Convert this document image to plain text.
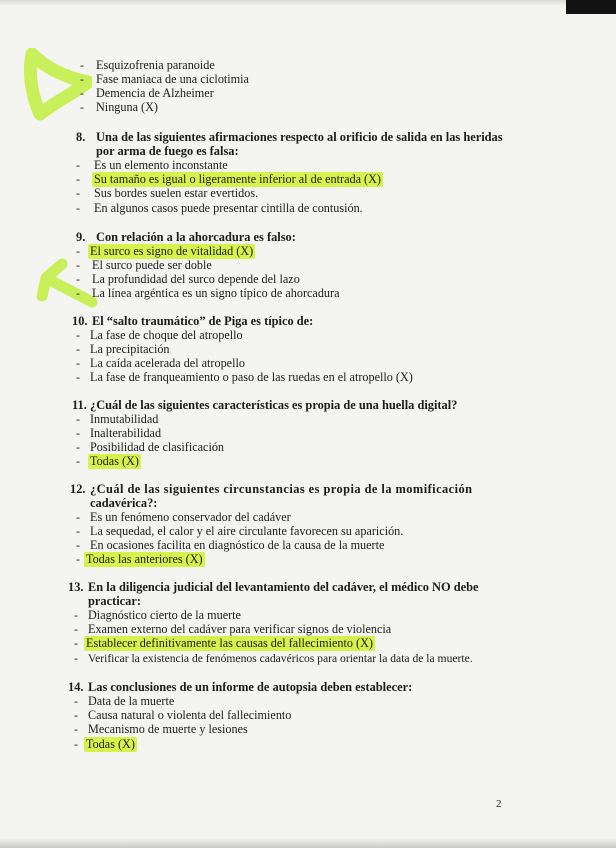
- Esquizofrenia paranoide
- Fase maniaca de una ciclotimia
- Demencia de Alzheimer
- Ninguna (X)
8. Una de las siguientes afirmaciones respecto al orificio de salida en las heridas
por arma de fuego es falsa:
- Es un elemento inconstante
- Su tamaño es igual o ligeramente inferior al de entrada (X)
- Sus bordes suelen estar evertidos.
- En algunos casos puede presentar cintilla de contusión.
9. Con relación a la ahorcadura es falso:
- El surco es signo de vitalidad (X)
- El surco puede ser doble
- La profundidad del surco depende del lazo
- La línea argéntica es un signo típico de ahorcadura
10. El “salto traumático” de Piga es típico de:
- La fase de choque del atropello
- La precipitación
- La caída acelerada del atropello
- La fase de franqueamiento o paso de las ruedas en el atropello (X)
11. ¿Cuál de las siguientes características es propia de una huella digital?
- Inmutabilidad
- Inalterabilidad
- Posibilidad de clasificación
- Todas (X)
12. ¿Cuál de las siguientes circunstancias es propia de la momificación
cadavérica?:
- Es un fenómeno conservador del cadáver
- La sequedad, el calor y el aire circulante favorecen su aparición.
- En ocasiones facilita en diagnóstico de la causa de la muerte
- Todas las anteriores (X)
13. En la diligencia judicial del levantamiento del cadáver, el médico NO debe
practicar:
- Diagnóstico cierto de la muerte
- Examen externo del cadáver para verificar signos de violencia
- Establecer definitivamente las causas del fallecimiento (X)
- Verificar la existencia de fenómenos cadavéricos para orientar la data de la muerte.
14. Las conclusiones de un informe de autopsia deben establecer:
- Data de la muerte
- Causa natural o violenta del fallecimiento
- Mecanismo de muerte y lesiones
- Todas (X)
2
